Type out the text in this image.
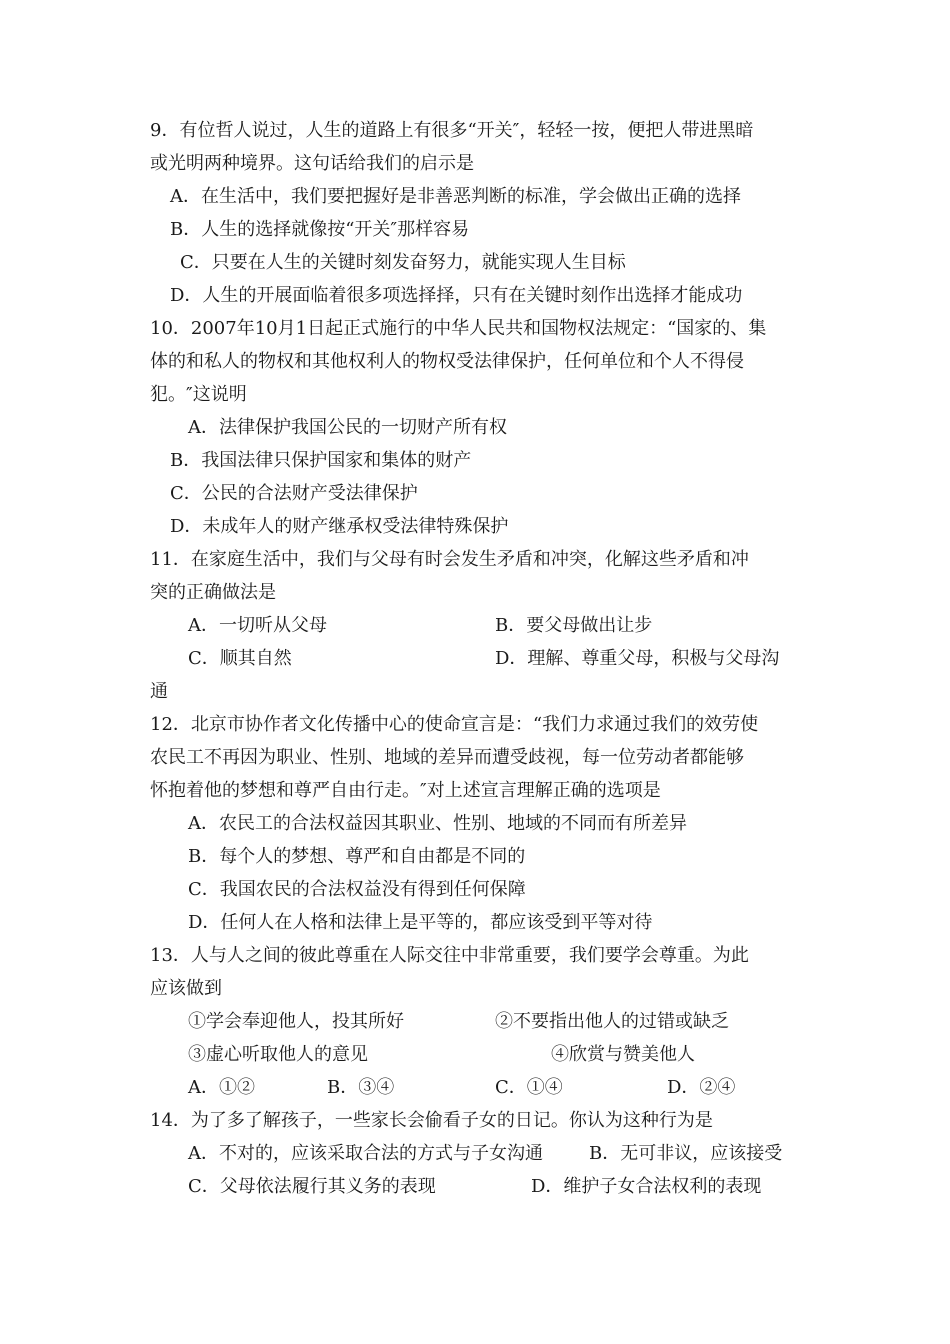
9．有位哲人说过，人生的道路上有很多“开关″，轻轻一按，便把人带进黑暗
或光明两种境界。这句话给我们的启示是
A．在生活中，我们要把握好是非善恶判断的标准，学会做出正确的选择
B．人生的选择就像按“开关″那样容易
C．只要在人生的关键时刻发奋努力，就能实现人生目标
D．人生的开展面临着很多项选择择，只有在关键时刻作出选择才能成功
10．2007年10月1日起正式施行的中华人民共和国物权法规定：“国家的、集
体的和私人的物权和其他权利人的物权受法律保护，任何单位和个人不得侵
犯。″这说明
A．法律保护我国公民的一切财产所有权
B．我国法律只保护国家和集体的财产
C．公民的合法财产受法律保护
D．未成年人的财产继承权受法律特殊保护
11．在家庭生活中，我们与父母有时会发生矛盾和冲突，化解这些矛盾和冲
突的正确做法是
A．一切听从父母	B．要父母做出让步
C．顺其自然	D．理解、尊重父母，积极与父母沟
通
12．北京市协作者文化传播中心的使命宣言是：“我们力求通过我们的效劳使
农民工不再因为职业、性别、地域的差异而遭受歧视，每一位劳动者都能够
怀抱着他的梦想和尊严自由行走。″对上述宣言理解正确的选项是
A．农民工的合法权益因其职业、性别、地域的不同而有所差异
B．每个人的梦想、尊严和自由都是不同的
C．我国农民的合法权益没有得到任何保障
D．任何人在人格和法律上是平等的，都应该受到平等对待
13．人与人之间的彼此尊重在人际交往中非常重要，我们要学会尊重。为此
应该做到
①学会奉迎他人，投其所好	②不要指出他人的过错或缺乏
③虚心听取他人的意见	④欣赏与赞美他人
A．①②	B．③④	C．①④	D．②④
14．为了多了解孩子，一些家长会偷看子女的日记。你认为这种行为是
A．不对的，应该采取合法的方式与子女沟通	B．无可非议，应该接受
C．父母依法履行其义务的表现	D．维护子女合法权利的表现
